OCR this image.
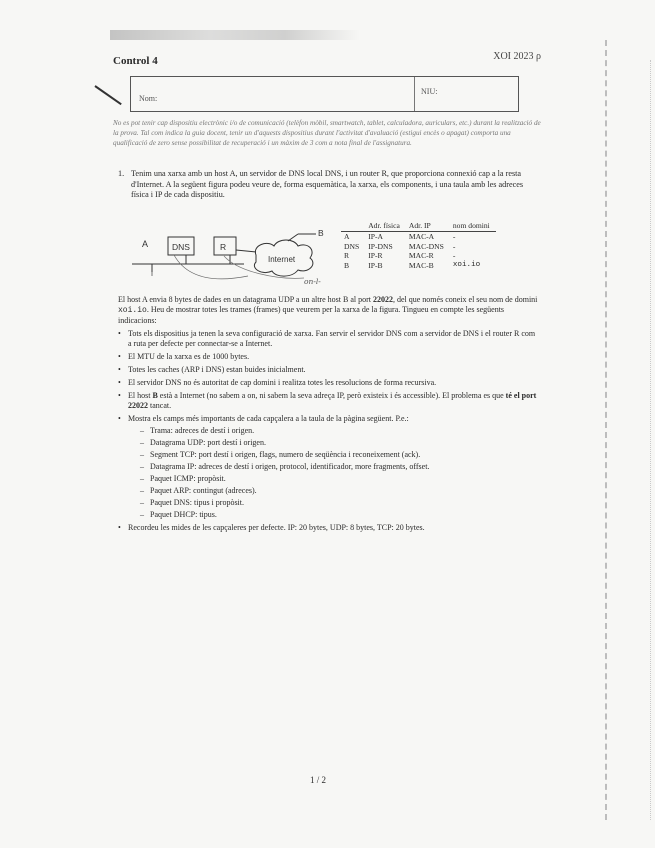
Control 4	XOI 2023 ρ
Nom:
NIU:
No es pot tenir cap dispositiu electrònic i/o de comunicació (telèfon mòbil, smartwatch, tablet, calculadora, auriculars, etc.) durant la realització de la prova. Tal com indica la guia docent, tenir un d'aquests dispositius durant l'activitat d'avaluació (estigui encès o apagat) comporta una qualificació de zero sense possibilitat de recuperació i un màxim de 3 com a nota final de l'assignatura.
1. Tenim una xarxa amb un host A, un servidor de DNS local DNS, i un router R, que proporciona connexió cap a la resta d'Internet. A la següent figura podeu veure de, forma esquemàtica, la xarxa, els components, i una taula amb les adreces física i IP de cada dispositiu.
A	DNS	R
Internet
B
on-l-
	Adr. física	Adr. IP	nom domini
A	IP-A	MAC-A	-
DNS	IP-DNS	MAC-DNS	-
R	IP-R	MAC-R	-
B	IP-B	MAC-B	xoi.io

El host A envia 8 bytes de dades en un datagrama UDP a un altre host B al port 22022, del que només coneix el seu nom de domini xoi.io. Heu de mostrar totes les trames (frames) que veurem per la xarxa de la figura. Tingueu en compte les següents indicacions:

• Tots els dispositius ja tenen la seva configuració de xarxa. Fan servir el servidor DNS com a servidor de DNS i el router R com a ruta per defecte per connectar-se a Internet.
• El MTU de la xarxa es de 1000 bytes.
• Totes les caches (ARP i DNS) estan buides inicialment.
• El servidor DNS no és autoritat de cap domini i realitza totes les resolucions de forma recursiva.
• El host B està a Internet (no sabem a on, ni sabem la seva adreça IP, però existeix i és accessible). El problema es que té el port 22022 tancat.
• Mostra els camps més importants de cada capçalera a la taula de la pàgina següent. P.e.:
– Trama: adreces de destí i origen.
– Datagrama UDP: port destí i origen.
– Segment TCP: port destí i origen, flags, numero de seqüència i reconeixement (ack).
– Datagrama IP: adreces de destí i origen, protocol, identificador, more fragments, offset.
– Paquet ICMP: propòsit.
– Paquet ARP: contingut (adreces).
– Paquet DNS: tipus i propòsit.
– Paquet DHCP: tipus.
• Recordeu les mides de les capçaleres per defecte. IP: 20 bytes, UDP: 8 bytes, TCP: 20 bytes.
1 / 2
